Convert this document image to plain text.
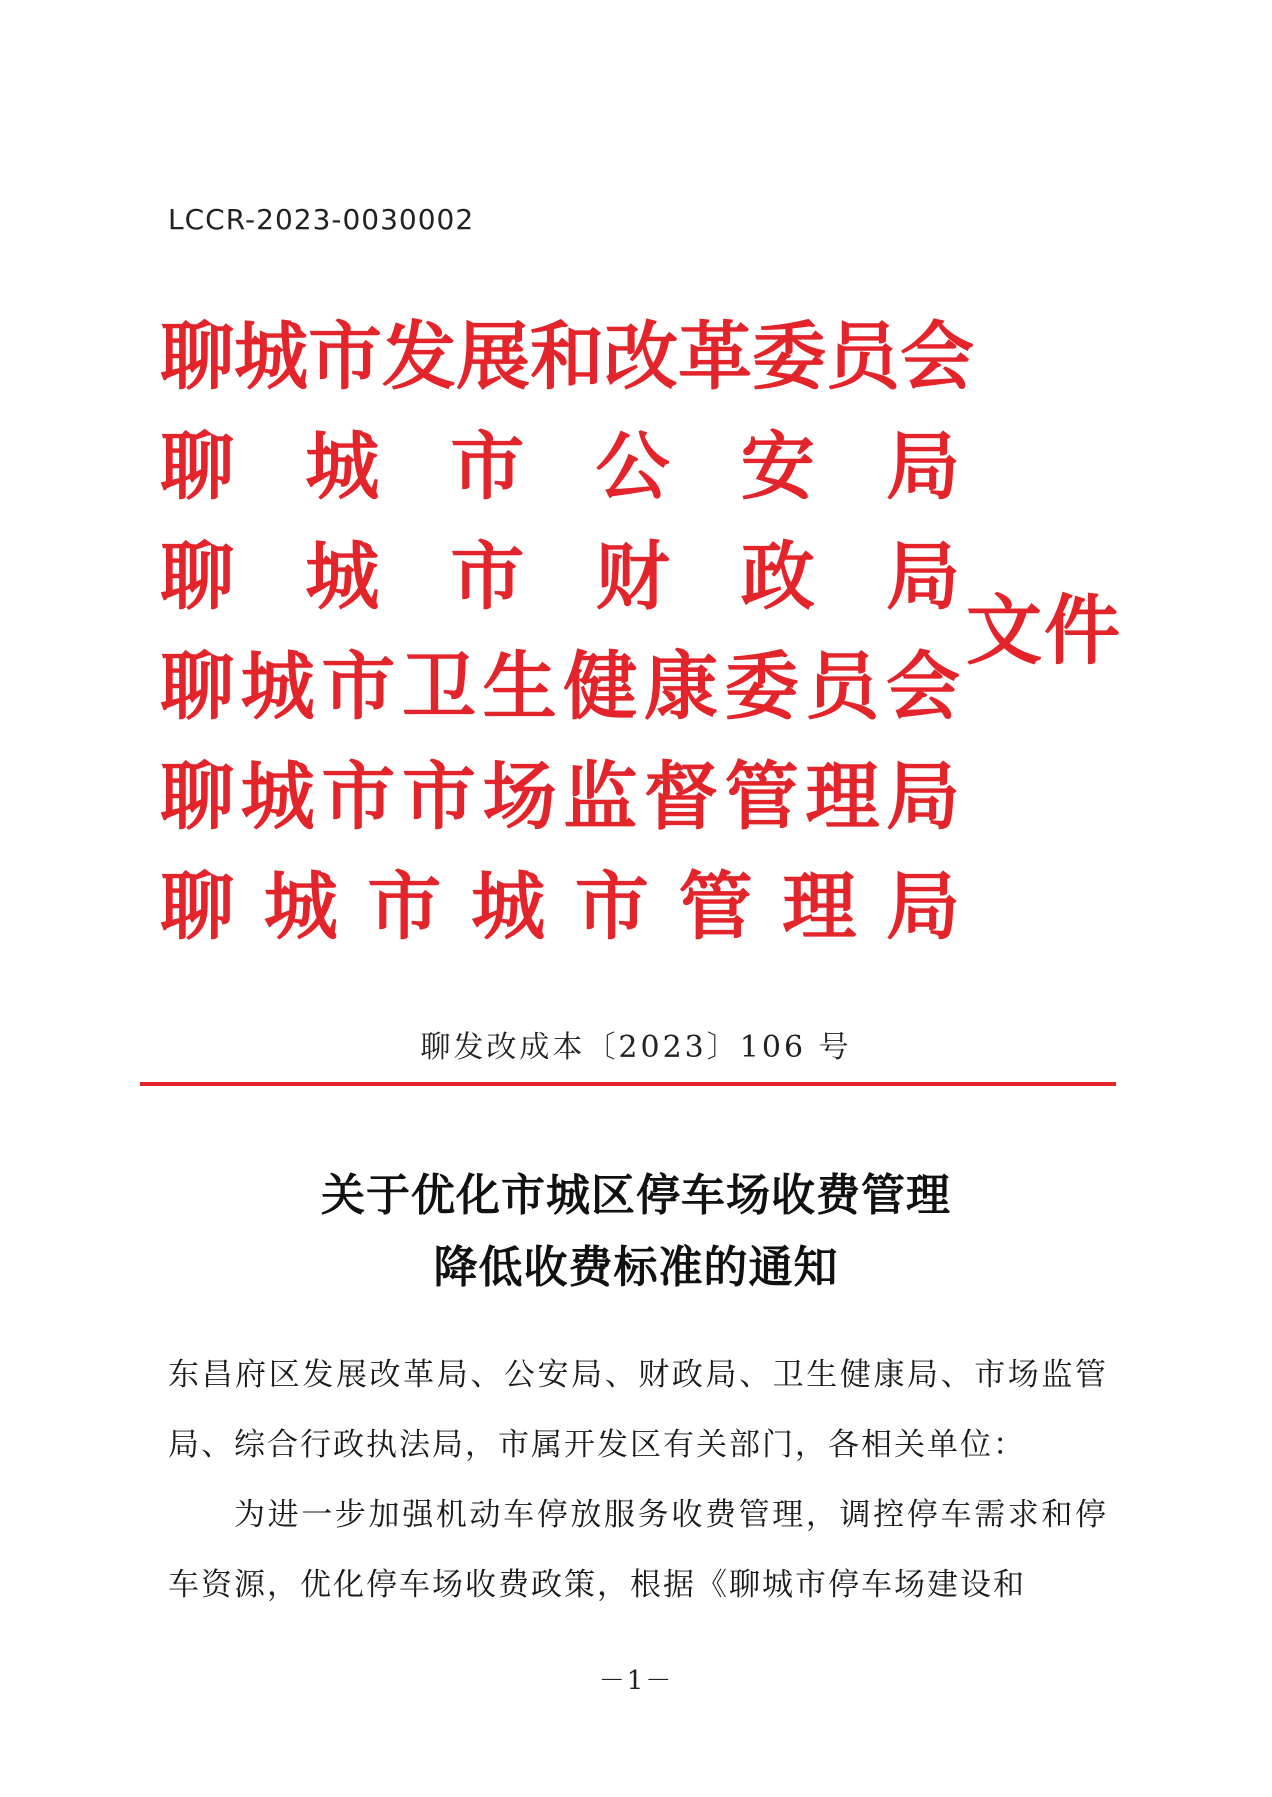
LCCR-2023-0030002
聊城市发展和改革委员会
聊城市公安局
聊城市财政局
聊城市卫生健康委员会
聊城市市场监督管理局
聊城市城市管理局
文件
聊发改成本〔2023〕106 号
关于优化市城区停车场收费管理
降低收费标准的通知

东昌府区发展改革局、公安局、财政局、卫生健康局、市场监管局、综合行政执法局，市属开发区有关部门，各相关单位：

为进一步加强机动车停放服务收费管理，调控停车需求和停车资源，优化停车场收费政策，根据《聊城市停车场建设和

－1－
